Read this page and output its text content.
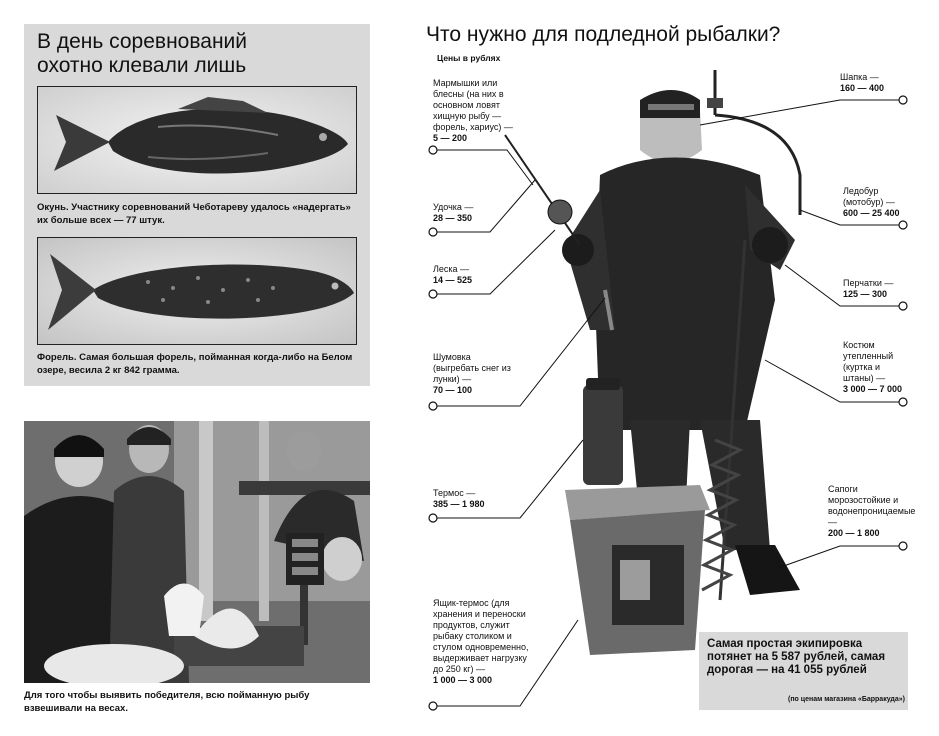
В день соревнований
охотно клевали лишь
Окунь. Участнику соревнований Чеботареву удалось «надергать» их больше всех — 77 штук.
Форель. Самая большая форель, пойманная когда-либо на Белом озере, весила 2 кг 842 грамма.
Для того чтобы выявить победителя, всю пойманную рыбу взвешивали на весах.
Что нужно для подледной рыбалки?
Цены в рублях
Мармышки или блесны (на них в основном ловят хищную рыбу — форель, хариус) —
5 — 200
Удочка —
28 — 350
Леска —
14 — 525
Шумовка (выгребать снег из лунки) —
70 — 100
Термос —
385 — 1 980
Ящик-термос (для хранения и переноски продуктов, служит рыбаку столиком и стулом одновременно, выдерживает нагрузку до 250 кг) —
1 000 — 3 000
Шапка —
160 — 400
Ледобур (мотобур) —
600 — 25 400
Перчатки —
125 — 300
Костюм утепленный (куртка и штаны) —
3 000 — 7 000
Сапоги морозостойкие и водонепроницаемые —
200 — 1 800
Самая простая экипировка потянет на 5 587 рублей, самая дорогая — на 41 055 рублей
(по ценам магазина «Барракуда»)
